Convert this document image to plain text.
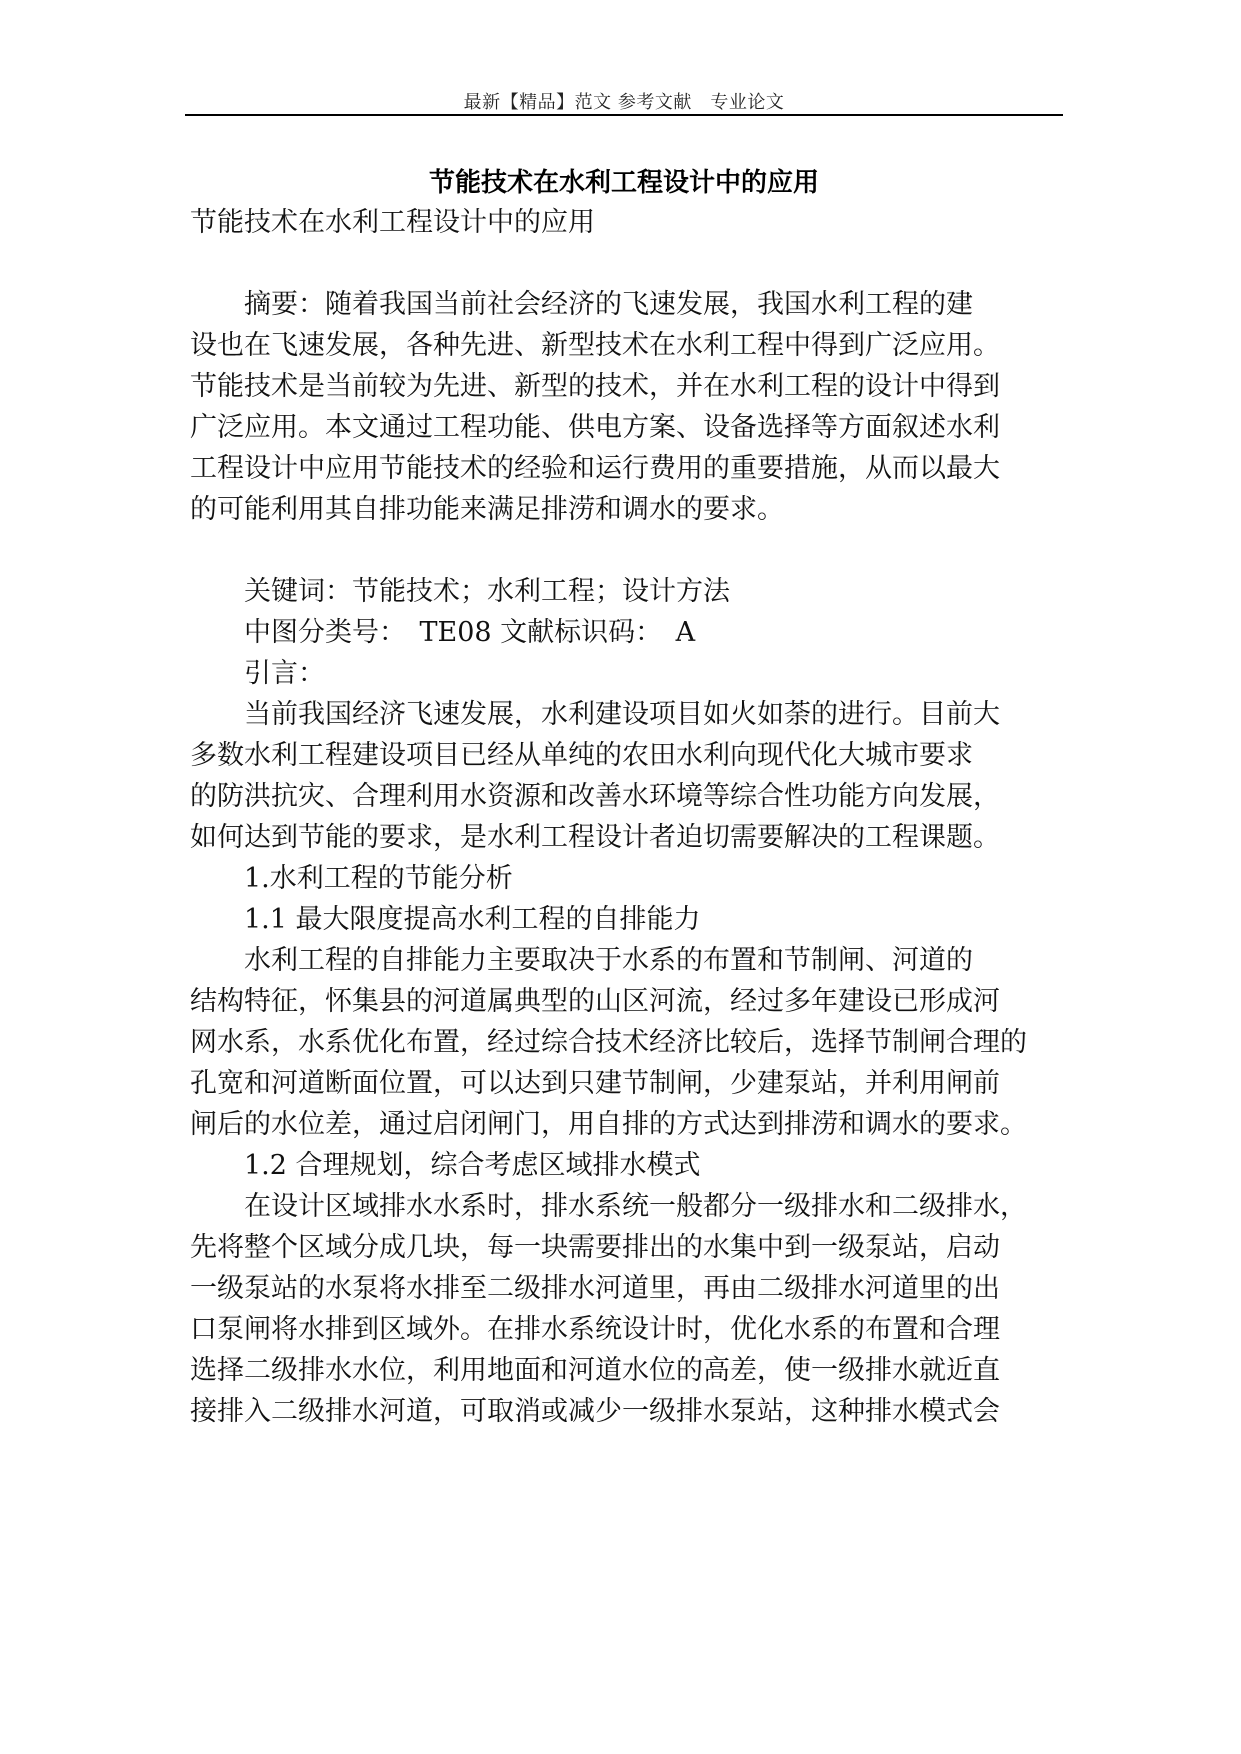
最新【精品】范文 参考文献　专业论文
节能技术在水利工程设计中的应用
节能技术在水利工程设计中的应用
　　摘要：随着我国当前社会经济的飞速发展，我国水利工程的建
设也在飞速发展，各种先进、新型技术在水利工程中得到广泛应用。
节能技术是当前较为先进、新型的技术，并在水利工程的设计中得到
广泛应用。本文通过工程功能、供电方案、设备选择等方面叙述水利
工程设计中应用节能技术的经验和运行费用的重要措施，从而以最大
的可能利用其自排功能来满足排涝和调水的要求。
　　关键词：节能技术；水利工程；设计方法
　　中图分类号：　TE08 文献标识码：　A
　　引言：
　　当前我国经济飞速发展，水利建设项目如火如荼的进行。目前大
多数水利工程建设项目已经从单纯的农田水利向现代化大城市要求
的防洪抗灾、合理利用水资源和改善水环境等综合性功能方向发展，
如何达到节能的要求，是水利工程设计者迫切需要解决的工程课题。
　　1.水利工程的节能分析
　　1.1 最大限度提高水利工程的自排能力
　　水利工程的自排能力主要取决于水系的布置和节制闸、河道的
结构特征，怀集县的河道属典型的山区河流，经过多年建设已形成河
网水系，水系优化布置，经过综合技术经济比较后，选择节制闸合理的
孔宽和河道断面位置，可以达到只建节制闸，少建泵站，并利用闸前
闸后的水位差，通过启闭闸门，用自排的方式达到排涝和调水的要求。
　　1.2 合理规划，综合考虑区域排水模式
　　在设计区域排水水系时，排水系统一般都分一级排水和二级排水，
先将整个区域分成几块，每一块需要排出的水集中到一级泵站，启动
一级泵站的水泵将水排至二级排水河道里，再由二级排水河道里的出
口泵闸将水排到区域外。在排水系统设计时，优化水系的布置和合理
选择二级排水水位，利用地面和河道水位的高差，使一级排水就近直
接排入二级排水河道，可取消或减少一级排水泵站，这种排水模式会
